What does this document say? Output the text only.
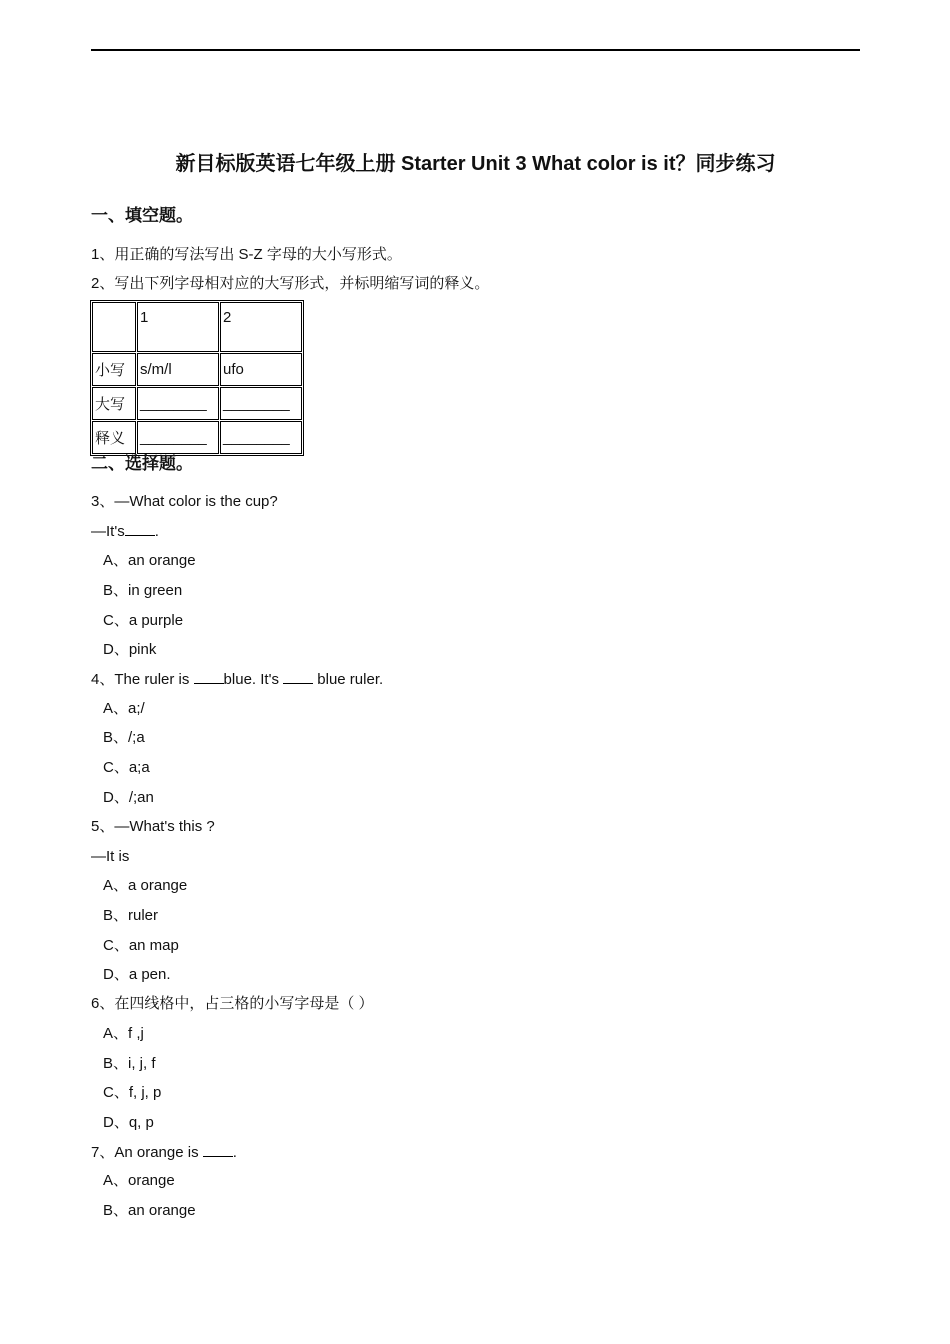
新目标版英语七年级上册 Starter Unit 3 What color is it？同步练习
一、填空题。
1、用正确的写法写出 S-Z 字母的大小写形式。
2、写出下列字母相对应的大写形式，并标明缩写词的释义。
	1	2
小写	s/m/l	ufo
大写	________	________
释义	________	________
二、选择题。
3、—What color is the cup?
—It's .
A、an orange
B、in green
C、a purple
D、pink
4、The ruler is blue. It's  blue ruler.
A、a;/
B、/;a
C、a;a
D、/;an
5、—What's this ?
—It is
A、a orange
B、ruler
C、an map
D、a pen.
6、在四线格中，占三格的小写字母是（ ）
A、f ,j
B、i, j, f
C、f, j, p
D、q, p
7、An orange is .
A、orange
B、an orange
